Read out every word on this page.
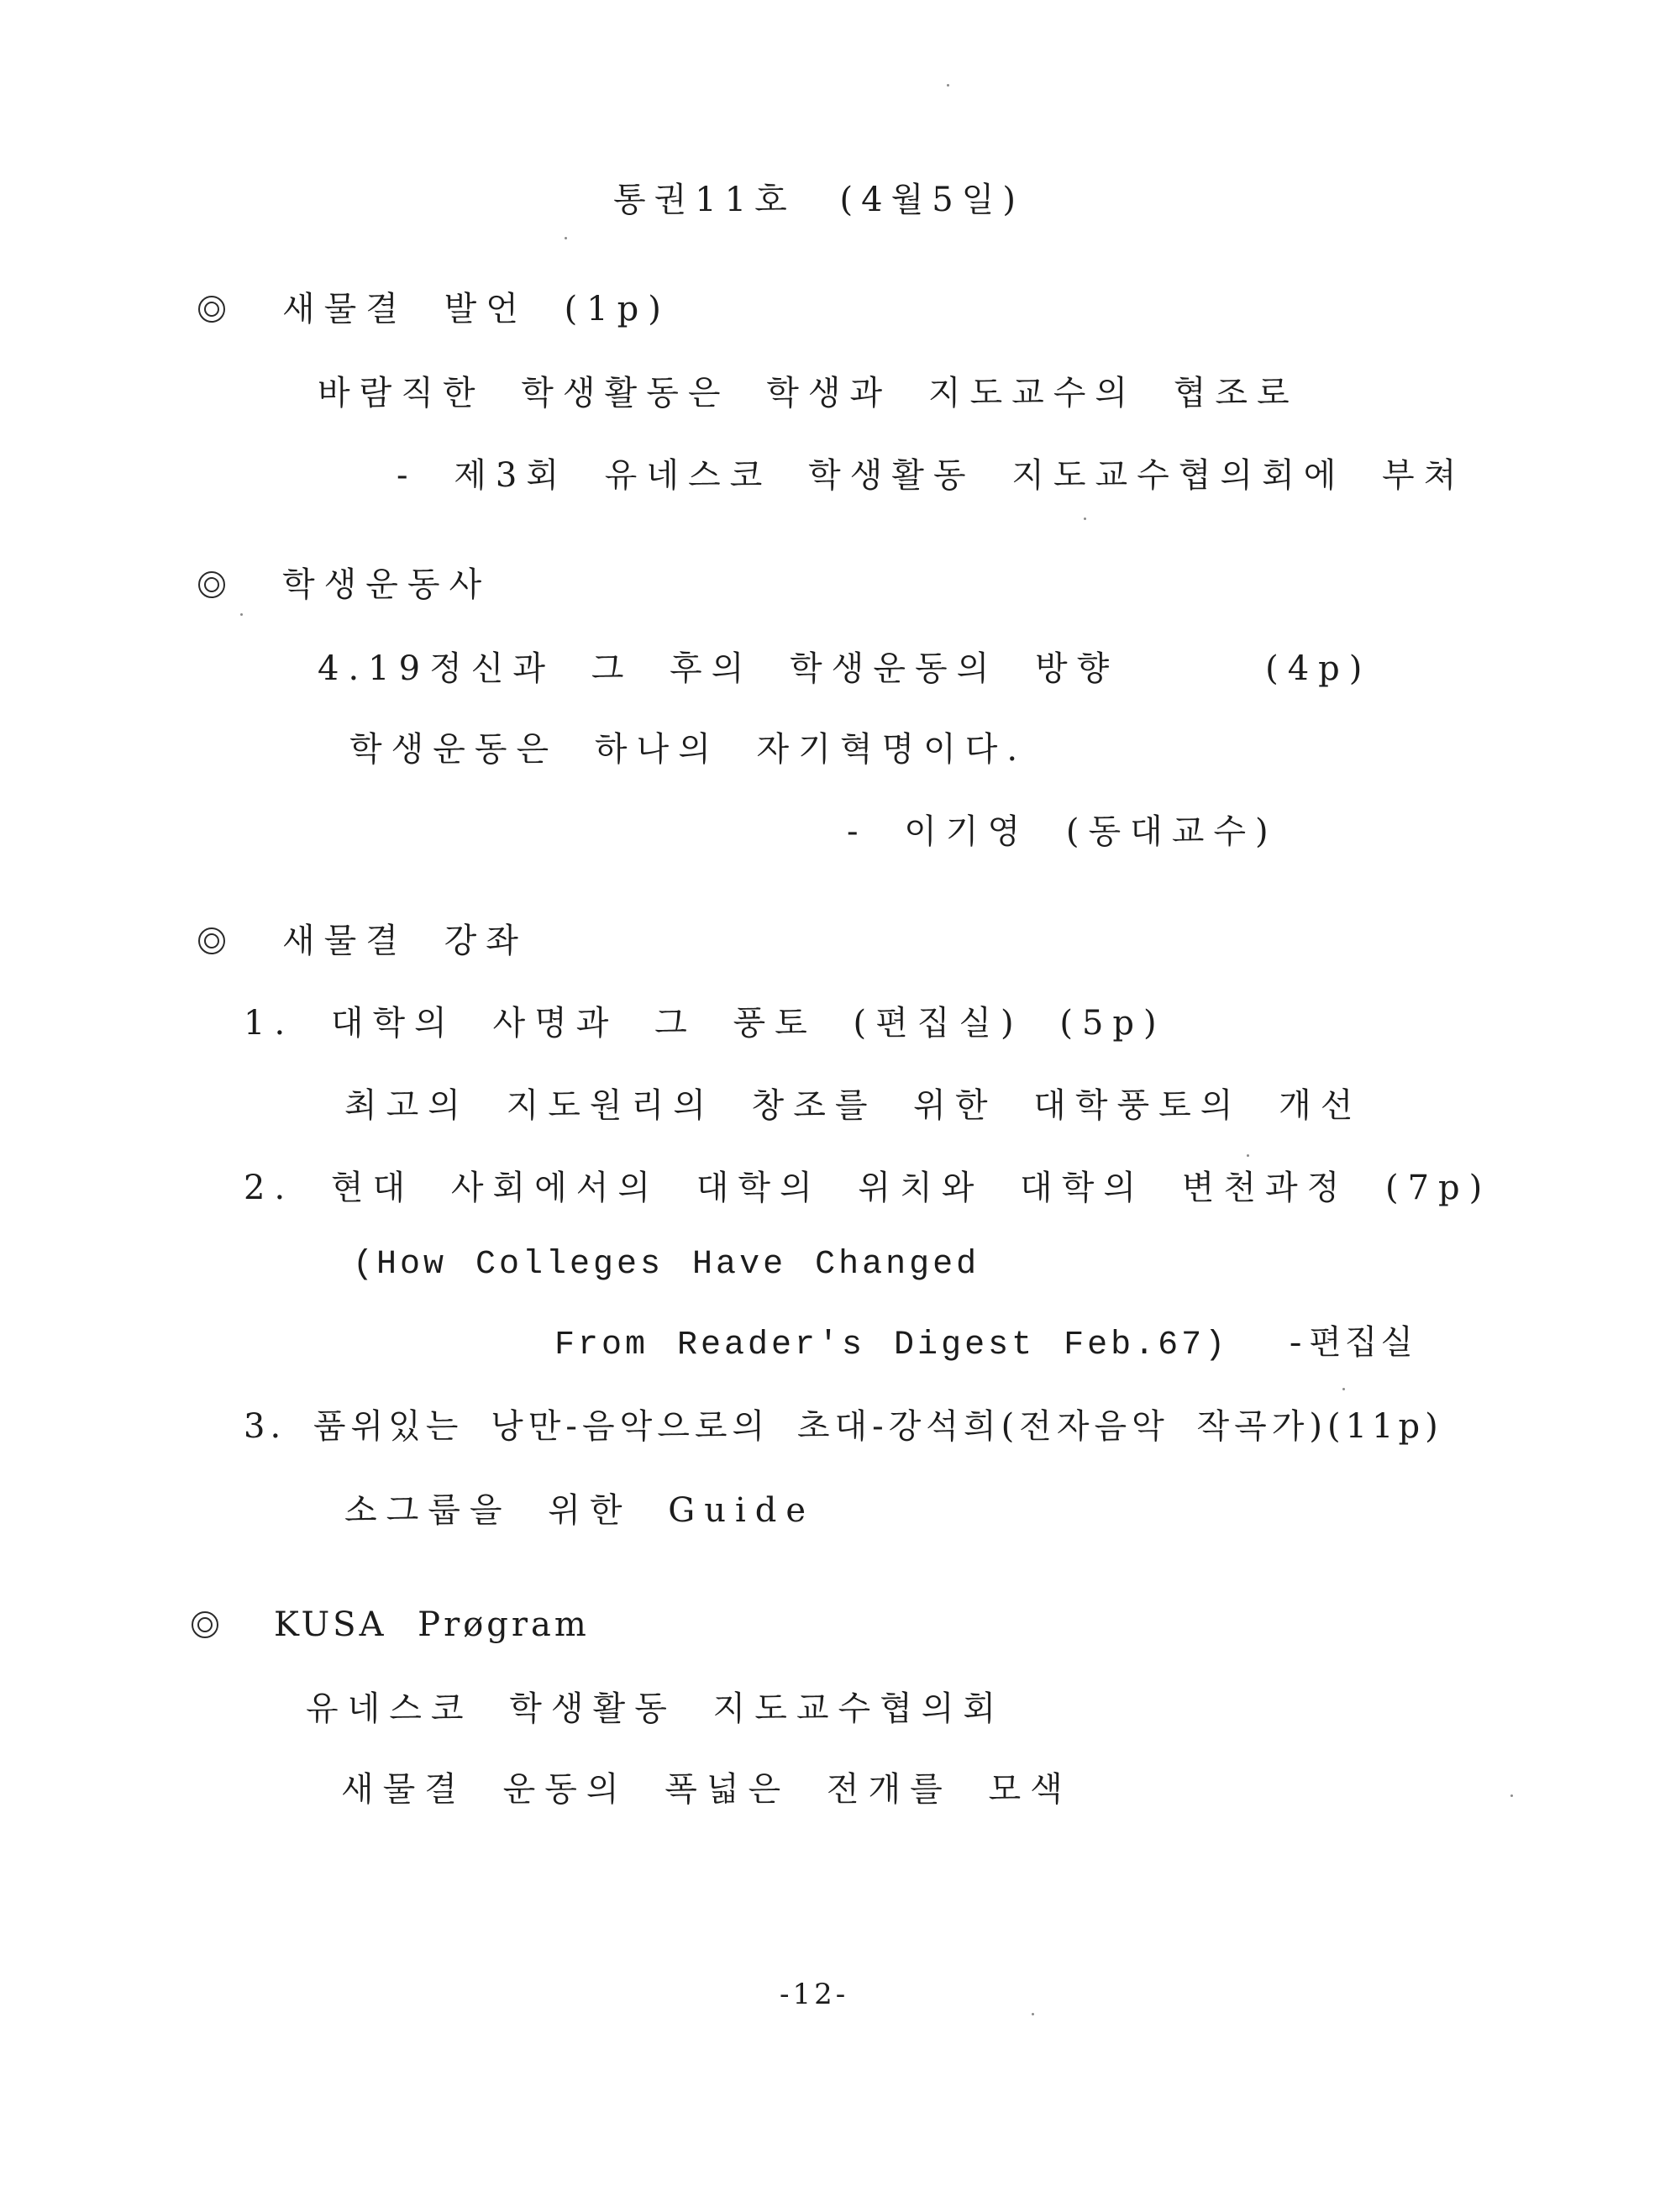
통권11호 (4월5일)
새물결 발언 (1p)
바람직한 학생활동은 학생과 지도교수의 협조로
- 제3회 유네스코 학생활동 지도교수협의회에 부쳐
학생운동사
4.19정신과 그 후의 학생운동의 방향    (4p)
학생운동은 하나의 자기혁명이다.
- 이기영 (동대교수)
새물결 강좌
1. 대학의 사명과 그 풍토 (편집실) (5p)
최고의 지도원리의 창조를 위한 대학풍토의 개선
2. 현대 사회에서의 대학의 위치와 대학의 변천과정 (7p)
(How Colleges Have Changed
From Reader's Digest Feb.67)  -편집실
3. 품위있는 낭만-음악으로의 초대-강석희(전자음악 작곡가)(11p)
소그룹을 위한 Guide
KUSA Prøgram
유네스코 학생활동 지도교수협의회
새물결 운동의 폭넓은 전개를 모색
-12-
